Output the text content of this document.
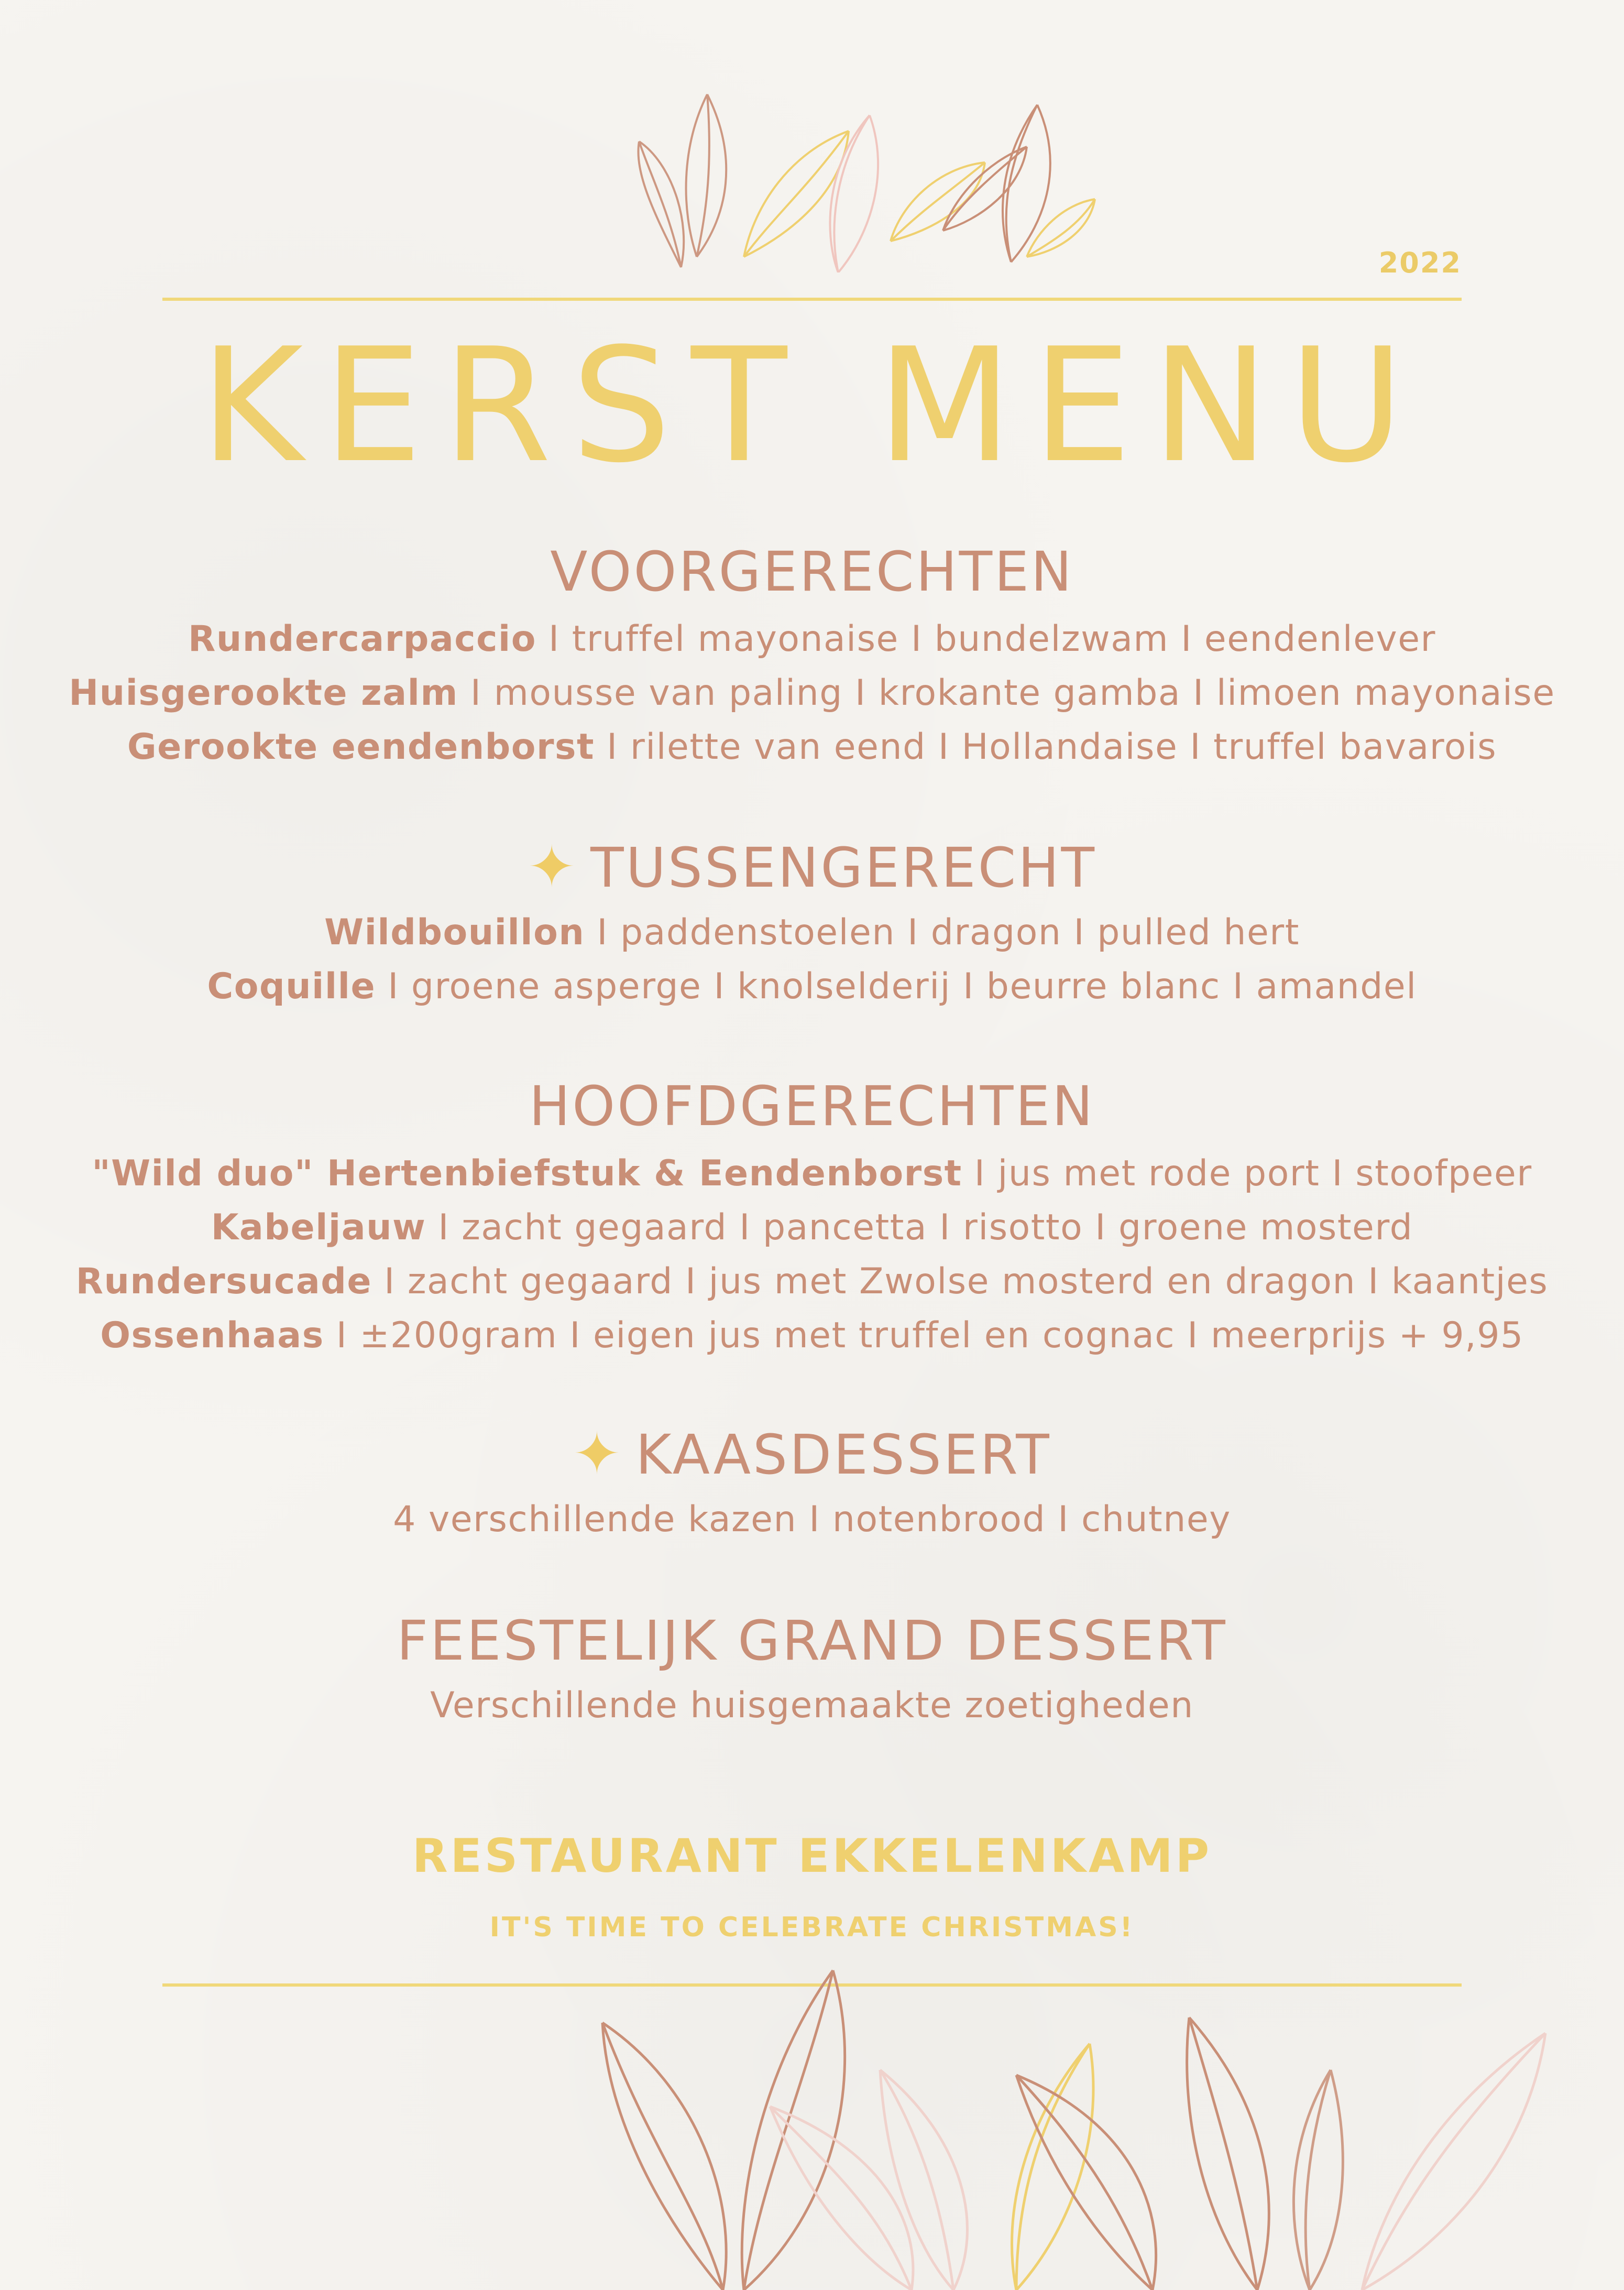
2022
KERST MENU
VOORGERECHTEN
Rundercarpaccio I truffel mayonaise I bundelzwam I eendenlever
Huisgerookte zalm I mousse van paling I krokante gamba I limoen mayonaise
Gerookte eendenborst I rilette van eend I Hollandaise I truffel bavarois
✦ TUSSENGERECHT
Wildbouillon I paddenstoelen I dragon I pulled hert
Coquille I groene asperge I knolselderij I beurre blanc I amandel
HOOFDGERECHTEN
"Wild duo" Hertenbiefstuk & Eendenborst I jus met rode port I stoofpeer
Kabeljauw I zacht gegaard I pancetta I risotto I groene mosterd
Rundersucade I zacht gegaard I jus met Zwolse mosterd en dragon I kaantjes
Ossenhaas I ±200gram I eigen jus met truffel en cognac I meerprijs + 9,95
✦ KAASDESSERT
4 verschillende kazen I notenbrood I chutney
FEESTELIJK GRAND DESSERT
Verschillende huisgemaakte zoetigheden
RESTAURANT EKKELENKAMP
IT'S TIME TO CELEBRATE CHRISTMAS!
